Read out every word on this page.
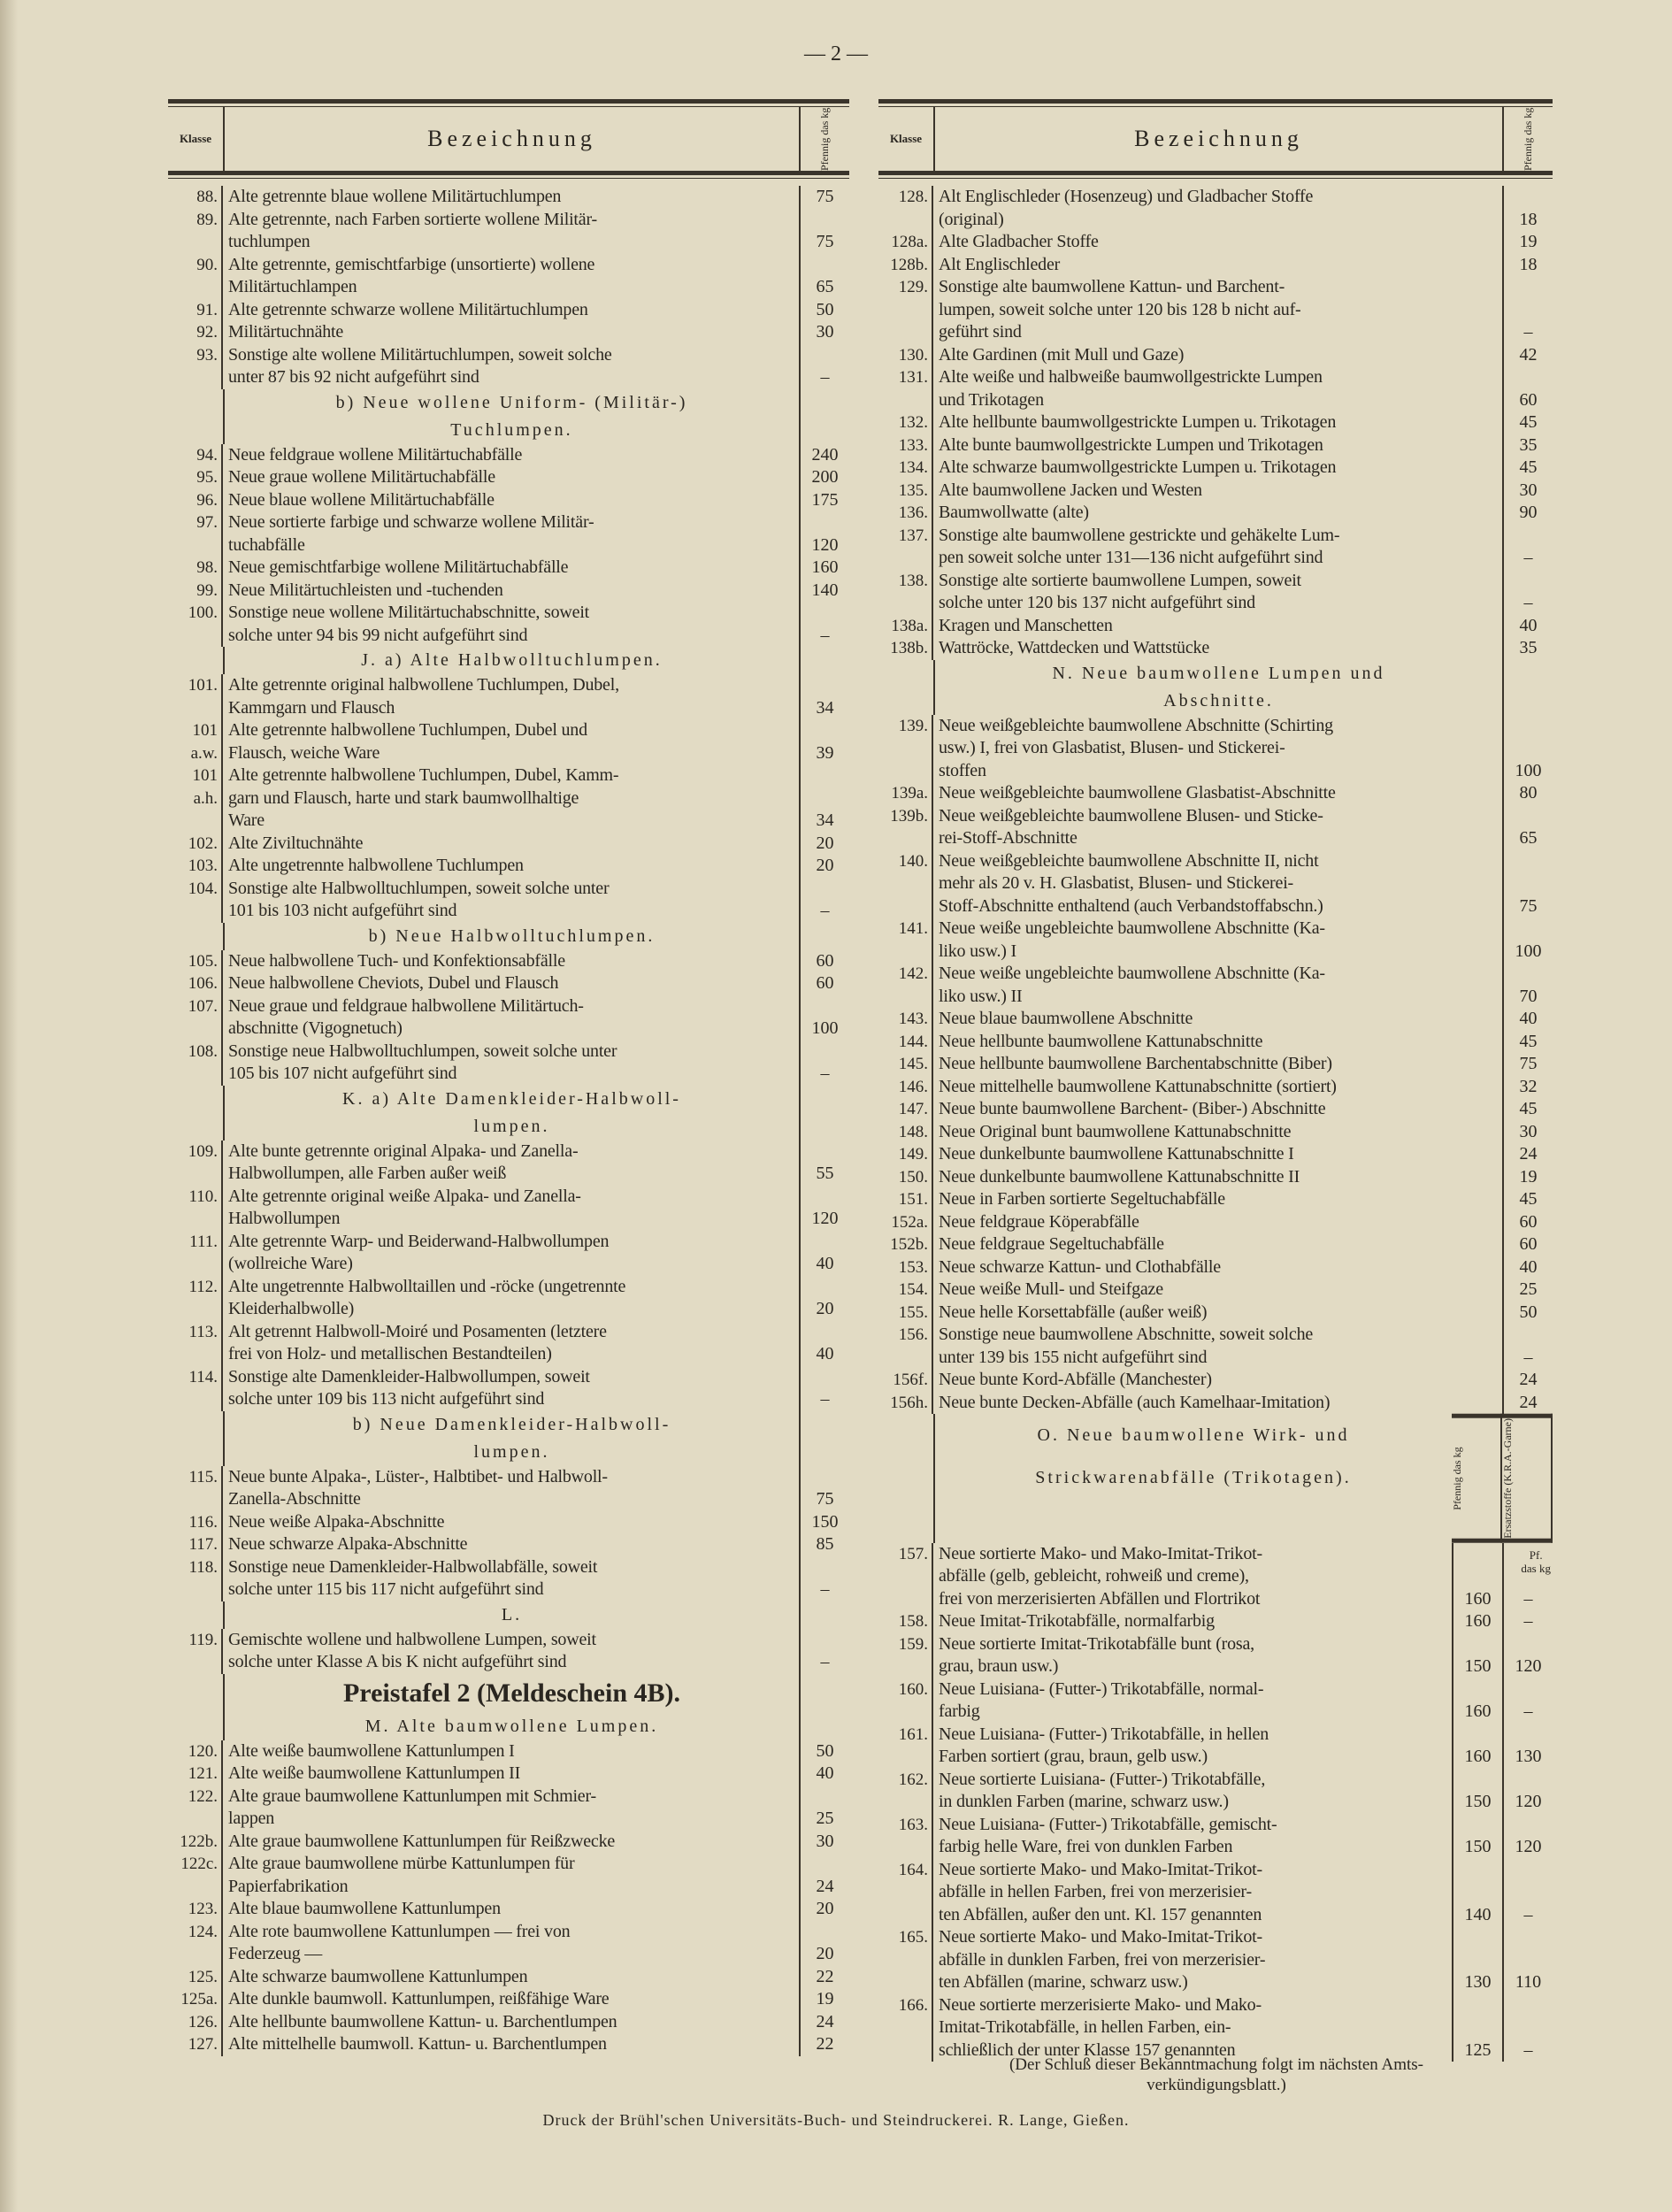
— 2 —
Klasse	Bezeichnung	Pfennig das kg
88. Alte getrennte blaue wollene Militärtuchlumpen	75
89. Alte getrennte, nach Farben sortierte wollene Militär-
tuchlumpen	75
90. Alte getrennte, gemischtfarbige (unsortierte) wollene
Militärtuchlampen	65
91. Alte getrennte schwarze wollene Militärtuchlumpen	50
92. Militärtuchnähte	30
93. Sonstige alte wollene Militärtuchlumpen, soweit solche
unter 87 bis 92 nicht aufgeführt sind	–
b) Neue wollene Uniform- (Militär-)
Tuchlumpen.
94. Neue feldgraue wollene Militärtuchabfälle	240
95. Neue graue wollene Militärtuchabfälle	200
96. Neue blaue wollene Militärtuchabfälle	175
97. Neue sortierte farbige und schwarze wollene Militär-
tuchabfälle	120
98. Neue gemischtfarbige wollene Militärtuchabfälle	160
99. Neue Militärtuchleisten und -tuchenden	140
100. Sonstige neue wollene Militärtuchabschnitte, soweit
solche unter 94 bis 99 nicht aufgeführt sind	–
J. a) Alte Halbwolltuchlumpen.
101. Alte getrennte original halbwollene Tuchlumpen, Dubel,
Kammgarn und Flausch	34
101
a.w.
Alte getrennte halbwollene Tuchlumpen, Dubel und
Flausch, weiche Ware	39
101
a.h.
Alte getrennte halbwollene Tuchlumpen, Dubel, Kamm-
garn und Flausch, harte und stark baumwollhaltige
Ware	34
102. Alte Ziviltuchnähte	20
103. Alte ungetrennte halbwollene Tuchlumpen	20
104. Sonstige alte Halbwolltuchlumpen, soweit solche unter
101 bis 103 nicht aufgeführt sind	–
b) Neue Halbwolltuchlumpen.
105. Neue halbwollene Tuch- und Konfektionsabfälle	60
106. Neue halbwollene Cheviots, Dubel und Flausch	60
107. Neue graue und feldgraue halbwollene Militärtuch-
abschnitte (Vigognetuch)	100
108. Sonstige neue Halbwolltuchlumpen, soweit solche unter
105 bis 107 nicht aufgeführt sind	–
K. a) Alte Damenkleider-Halbwoll-
lumpen.
109. Alte bunte getrennte original Alpaka- und Zanella-
Halbwollumpen, alle Farben außer weiß	55
110. Alte getrennte original weiße Alpaka- und Zanella-
Halbwollumpen	120
111. Alte getrennte Warp- und Beiderwand-Halbwollumpen
(wollreiche Ware)	40
112. Alte ungetrennte Halbwolltaillen und -röcke (ungetrennte
Kleiderhalbwolle)	20
113. Alt getrennt Halbwoll-Moiré und Posamenten (letztere
frei von Holz- und metallischen Bestandteilen)	40
114. Sonstige alte Damenkleider-Halbwollumpen, soweit
solche unter 109 bis 113 nicht aufgeführt sind	–
b) Neue Damenkleider-Halbwoll-
lumpen.
115. Neue bunte Alpaka-, Lüster-, Halbtibet- und Halbwoll-
Zanella-Abschnitte	75
116. Neue weiße Alpaka-Abschnitte	150
117. Neue schwarze Alpaka-Abschnitte	85
118. Sonstige neue Damenkleider-Halbwollabfälle, soweit
solche unter 115 bis 117 nicht aufgeführt sind	–
L.
119. Gemischte wollene und halbwollene Lumpen, soweit
solche unter Klasse A bis K nicht aufgeführt sind	–
Preistafel 2 (Meldeschein 4B).
M. Alte baumwollene Lumpen.
120. Alte weiße baumwollene Kattunlumpen I	50
121. Alte weiße baumwollene Kattunlumpen II	40
122. Alte graue baumwollene Kattunlumpen mit Schmier-
lappen	25
122b. Alte graue baumwollene Kattunlumpen für Reißzwecke	30
122c. Alte graue baumwollene mürbe Kattunlumpen für
Papierfabrikation	24
123. Alte blaue baumwollene Kattunlumpen	20
124. Alte rote baumwollene Kattunlumpen — frei von
Federzeug —	20
125. Alte schwarze baumwollene Kattunlumpen	22
125a. Alte dunkle baumwoll. Kattunlumpen, reißfähige Ware	19
126. Alte hellbunte baumwollene Kattun- u. Barchentlumpen	24
127. Alte mittelhelle baumwoll. Kattun- u. Barchentlumpen	22
Klasse	Bezeichnung	Pfennig das kg
128. Alt Englischleder (Hosenzeug) und Gladbacher Stoffe
(original)	18
128a. Alte Gladbacher Stoffe	19
128b. Alt Englischleder	18
129. Sonstige alte baumwollene Kattun- und Barchent-
lumpen, soweit solche unter 120 bis 128 b nicht auf-
geführt sind	–
130. Alte Gardinen (mit Mull und Gaze)	42
131. Alte weiße und halbweiße baumwollgestrickte Lumpen
und Trikotagen	60
132. Alte hellbunte baumwollgestrickte Lumpen u. Trikotagen	45
133. Alte bunte baumwollgestrickte Lumpen und Trikotagen	35
134. Alte schwarze baumwollgestrickte Lumpen u. Trikotagen	45
135. Alte baumwollene Jacken und Westen	30
136. Baumwollwatte (alte)	90
137. Sonstige alte baumwollene gestrickte und gehäkelte Lum-
pen soweit solche unter 131—136 nicht aufgeführt sind	–
138. Sonstige alte sortierte baumwollene Lumpen, soweit
solche unter 120 bis 137 nicht aufgeführt sind	–
138a. Kragen und Manschetten	40
138b. Wattröcke, Wattdecken und Wattstücke	35
N. Neue baumwollene Lumpen und
Abschnitte.
139. Neue weißgebleichte baumwollene Abschnitte (Schirting
usw.) I, frei von Glasbatist, Blusen- und Stickerei-
stoffen	100
139a. Neue weißgebleichte baumwollene Glasbatist-Abschnitte	80
139b. Neue weißgebleichte baumwollene Blusen- und Sticke-
rei-Stoff-Abschnitte	65
140. Neue weißgebleichte baumwollene Abschnitte II, nicht
mehr als 20 v. H. Glasbatist, Blusen- und Stickerei-
Stoff-Abschnitte enthaltend (auch Verbandstoffabschn.)	75
141. Neue weiße ungebleichte baumwollene Abschnitte (Ka-
liko usw.) I	100
142. Neue weiße ungebleichte baumwollene Abschnitte (Ka-
liko usw.) II	70
143. Neue blaue baumwollene Abschnitte	40
144. Neue hellbunte baumwollene Kattunabschnitte	45
145. Neue hellbunte baumwollene Barchentabschnitte (Biber)	75
146. Neue mittelhelle baumwollene Kattunabschnitte (sortiert)	32
147. Neue bunte baumwollene Barchent- (Biber-) Abschnitte	45
148. Neue Original bunt baumwollene Kattunabschnitte	30
149. Neue dunkelbunte baumwollene Kattunabschnitte I	24
150. Neue dunkelbunte baumwollene Kattunabschnitte II	19
151. Neue in Farben sortierte Segeltuchabfälle	45
152a. Neue feldgraue Köperabfälle	60
152b. Neue feldgraue Segeltuchabfälle	60
153. Neue schwarze Kattun- und Clothabfälle	40
154. Neue weiße Mull- und Steifgaze	25
155. Neue helle Korsettabfälle (außer weiß)	50
156. Sonstige neue baumwollene Abschnitte, soweit solche
unter 139 bis 155 nicht aufgeführt sind	–
156f. Neue bunte Kord-Abfälle (Manchester)	24
156h. Neue bunte Decken-Abfälle (auch Kamelhaar-Imitation)	24
O. Neue baumwollene Wirk- und
Strickwarenabfälle (Trikotagen).	Pfennig das kg	Ersatzstoffe (K.R.A.-Garne)
157. Neue sortierte Mako- und Mako-Imitat-Trikot-
abfälle (gelb, gebleicht, rohweiß und creme),
frei von merzerisierten Abfällen und Flortrikot	160	–
Pf.
das kg
158. Neue Imitat-Trikotabfälle, normalfarbig	160	–
159. Neue sortierte Imitat-Trikotabfälle bunt (rosa,
grau, braun usw.)	150	120
160. Neue Luisiana- (Futter-) Trikotabfälle, normal-
farbig	160	–
161. Neue Luisiana- (Futter-) Trikotabfälle, in hellen
Farben sortiert (grau, braun, gelb usw.)	160	130
162. Neue sortierte Luisiana- (Futter-) Trikotabfälle,
in dunklen Farben (marine, schwarz usw.)	150	120
163. Neue Luisiana- (Futter-) Trikotabfälle, gemischt-
farbig helle Ware, frei von dunklen Farben	150	120
164. Neue sortierte Mako- und Mako-Imitat-Trikot-
abfälle in hellen Farben, frei von merzerisier-
ten Abfällen, außer den unt. Kl. 157 genannten	140	–
165. Neue sortierte Mako- und Mako-Imitat-Trikot-
abfälle in dunklen Farben, frei von merzerisier-
ten Abfällen (marine, schwarz usw.)	130	110
166. Neue sortierte merzerisierte Mako- und Mako-
Imitat-Trikotabfälle, in hellen Farben, ein-
schließlich der unter Klasse 157 genannten	125	–
(Der Schluß dieser Bekanntmachung folgt im nächsten Amts-
verkündigungsblatt.)
Druck der Brühl'schen Universitäts-Buch- und Steindruckerei. R. Lange, Gießen.
